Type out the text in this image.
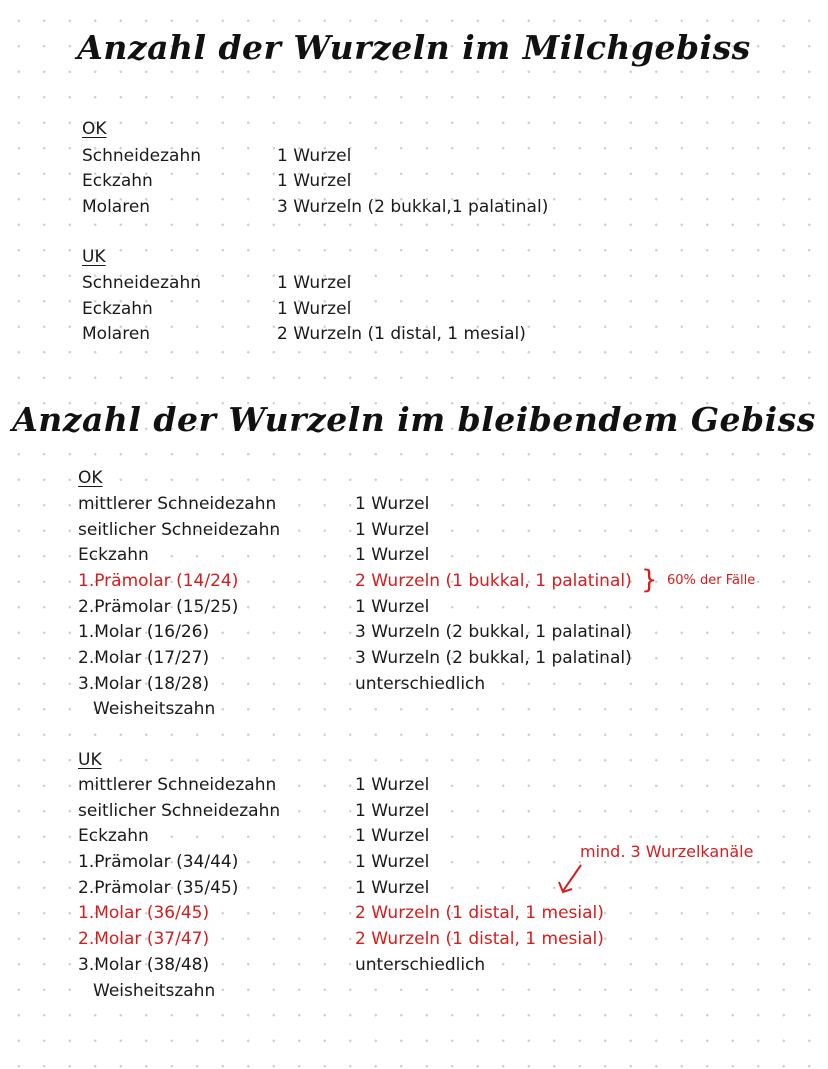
Anzahl der Wurzeln im Milchgebiss
Anzahl der Wurzeln im bleibendem Gebiss
OK
Schneidezahn	1 Wurzel
Eckzahn	1 Wurzel
Molaren	3 Wurzeln (2 bukkal,1 palatinal)
UK
Schneidezahn	1 Wurzel
Eckzahn	1 Wurzel
Molaren	2 Wurzeln (1 distal, 1 mesial)
OK
mittlerer Schneidezahn	1 Wurzel
seitlicher Schneidezahn	1 Wurzel
Eckzahn	1 Wurzel
1.Prämolar (14/24)	2 Wurzeln (1 bukkal, 1 palatinal) } 60% der Fälle
2.Prämolar (15/25)	1 Wurzel
1.Molar (16/26)	3 Wurzeln (2 bukkal, 1 palatinal)
2.Molar (17/27)	3 Wurzeln (2 bukkal, 1 palatinal)
3.Molar (18/28)	unterschiedlich
Weisheitszahn
UK
mittlerer Schneidezahn	1 Wurzel
seitlicher Schneidezahn	1 Wurzel
Eckzahn	1 Wurzel
1.Prämolar (34/44)	1 Wurzel
mind. 3 Wurzelkanäle
2.Prämolar (35/45)	1 Wurzel
1.Molar (36/45)	2 Wurzeln (1 distal, 1 mesial)
2.Molar (37/47)	2 Wurzeln (1 distal, 1 mesial)
3.Molar (38/48)	unterschiedlich
Weisheitszahn
